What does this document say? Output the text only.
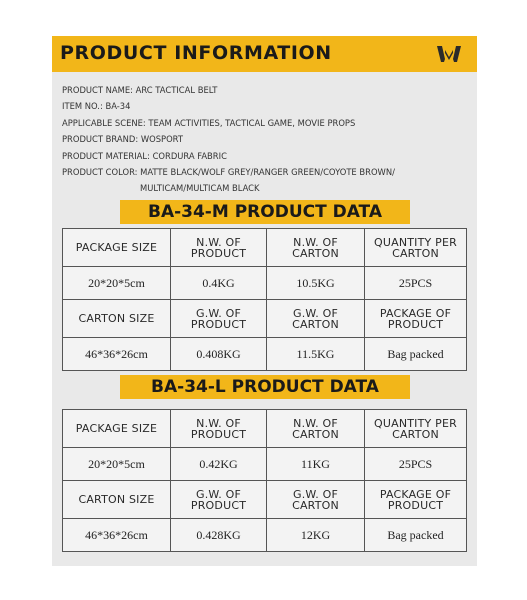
PRODUCT INFORMATION
PRODUCT NAME: ARC TACTICAL BELT
ITEM NO.: BA-34
APPLICABLE SCENE: TEAM ACTIVITIES, TACTICAL GAME, MOVIE PROPS
PRODUCT BRAND: WOSPORT
PRODUCT MATERIAL: CORDURA FABRIC
PRODUCT COLOR: MATTE BLACK/WOLF GREY/RANGER GREEN/COYOTE BROWN/
MULTICAM/MULTICAM BLACK
BA-34-M PRODUCT DATA
PACKAGE SIZE	N.W. OF PRODUCT	N.W. OF CARTON	QUANTITY PER CARTON
20*20*5cm	0.4KG	10.5KG	25PCS
CARTON SIZE	G.W. OF PRODUCT	G.W. OF CARTON	PACKAGE OF PRODUCT
46*36*26cm	0.408KG	11.5KG	Bag packed
BA-34-L PRODUCT DATA
PACKAGE SIZE	N.W. OF PRODUCT	N.W. OF CARTON	QUANTITY PER CARTON
20*20*5cm	0.42KG	11KG	25PCS
CARTON SIZE	G.W. OF PRODUCT	G.W. OF CARTON	PACKAGE OF PRODUCT
46*36*26cm	0.428KG	12KG	Bag packed
